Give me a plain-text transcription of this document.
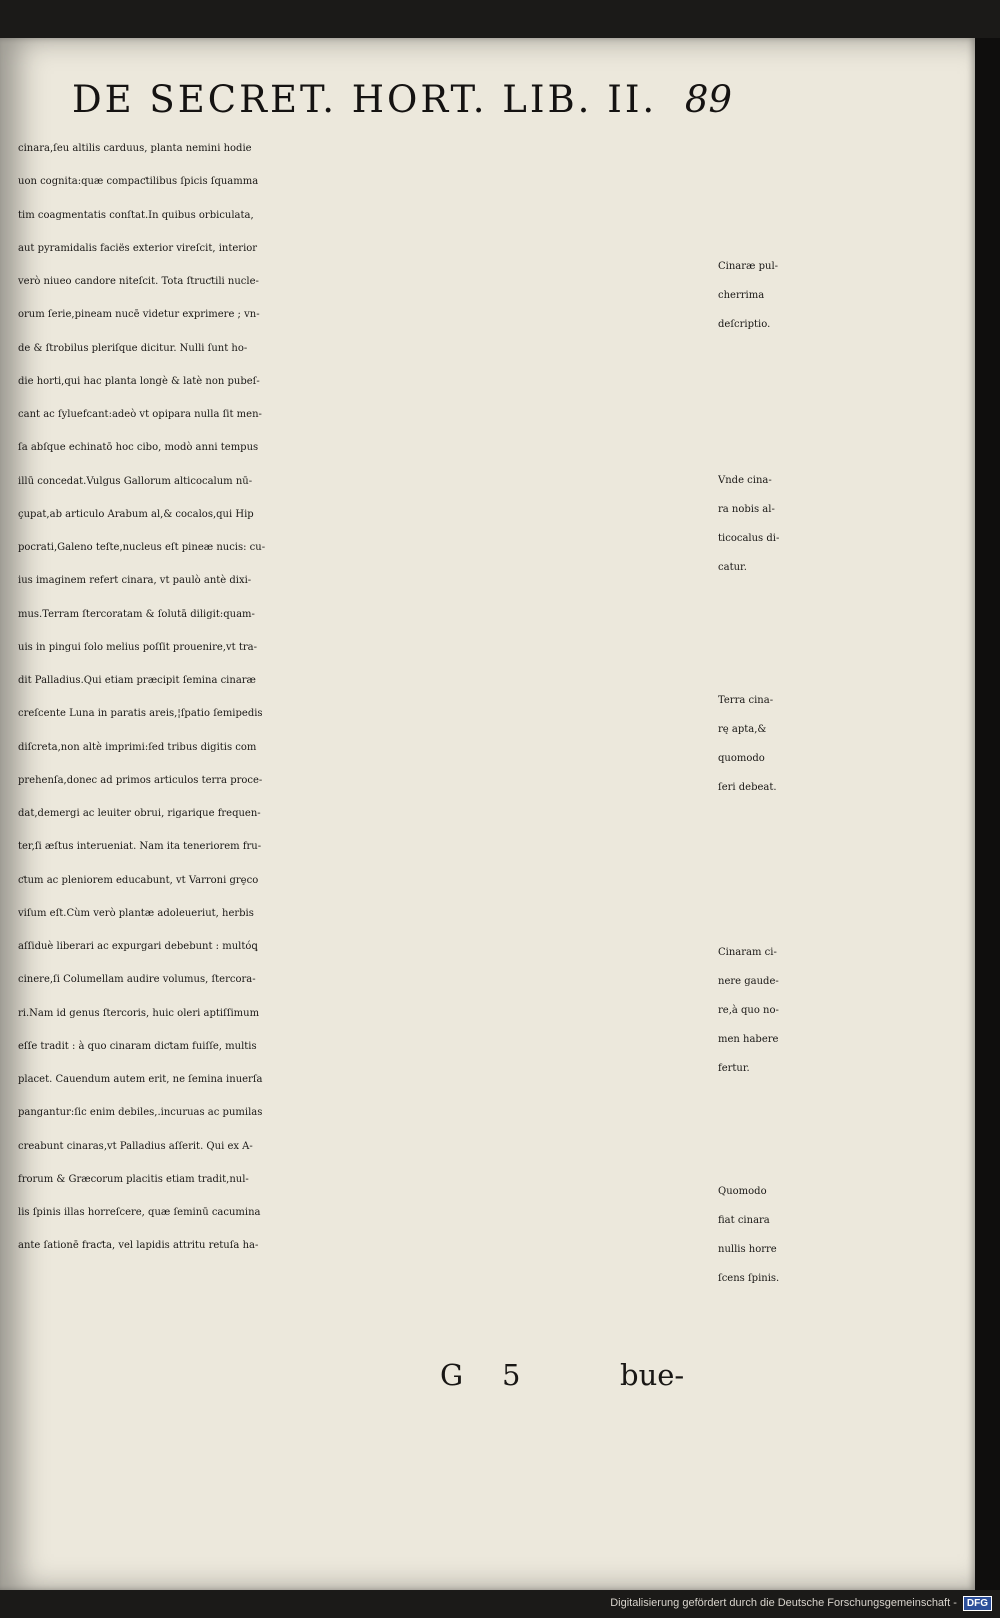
DE SECRET. HORT. LIB. II. 89
cinara,ſeu altilis carduus, planta nemini hodie
uon cognita:quæ compaƈtilibus ſpicis ſquamma
tim coagmentatis conſtat.In quibus orbiculata,
aut pyramidalis faciës exterior vireſcit, interior
verò niueo candore niteſcit. Tota ſtruƈtili nucle-
orum ſerie,pineam nucē videtur exprimere ; vn-
de & ſtrobilus pleriſque dicitur. Nulli ſunt ho-
die horti,qui hac planta longè & latè non pubeſ-
cant ac ſyluefcant:adeò vt opipara nulla ſit men-
ſa abſque echinatō hoc cibo, modò anni tempus
illū concedat.Vulgus Gallorum alticocalum nū-
çupat,ab articulo Arabum al,& cocalos,qui Hip
pocrati,Galeno teſte,nucleus eſt pineæ nucis: cu-
ius imaginem refert cinara, vt paulò antè dixi-
mus.Terram ſtercoratam & ſolutā diligit:quam-
uis in pingui ſolo melius poſſit prouenire,vt tra-
dit Palladius.Qui etiam præcipit ſemina cinaræ
creſcente Luna in paratis areis,¦ſpatio ſemipedis
diſcreta,non altè imprimi:ſed tribus digitis com
prehenſa,donec ad primos articulos terra proce-
dat,demergi ac leuiter obrui, rigarique frequen-
ter,ſi æſtus interueniat. Nam ita teneriorem fru-
ƈtum ac pleniorem educabunt, vt Varroni grȩco
viſum eſt.Cùm verò plantæ adoleueriut, herbis
aſſiduè liberari ac expurgari debebunt : multóꝗ
cinere,ſi Columellam audire volumus, ſtercora-
ri.Nam id genus ſtercoris, huic oleri aptiſſimum
eſſe tradit : à quo cinaram diƈtam fuiſſe, multis
placet. Cauendum autem erit, ne ſemina inuerſa
pangantur:ſic enim debiles,.incuruas ac pumilas
creabunt cinaras,vt Palladius aſſerit. Qui ex A-
frorum & Græcorum placitis etiam tradit,nul-
lis ſpinis illas horreſcere, quæ ſeminū cacumina
ante ſationē fraƈta, vel lapidis attritu retuſa ha-
Cinaræ pul-
cherrima
deſcriptio.
Vnde cina-
ra nobis al-
ticocalus di-
catur.
Terra cina-
rę apta,&
quomodo
ſeri debeat.
Cinaram ci-
nere gaude-
re,à quo no-
men habere
fertur.
Quomodo
fiat cinara
nullis horre
ſcens ſpinis.
G 5	bue-
Digitalisierung gefördert durch die Deutsche Forschungsgemeinschaft -	DFG
